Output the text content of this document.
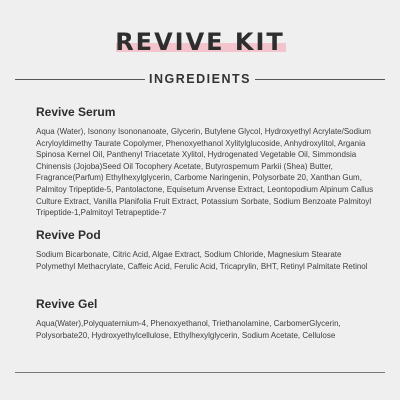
REVIVE KIT
INGREDIENTS
Revive Serum

Aqua (Water), Isonony Isononanoate, Glycerin, Butylene Glycol, Hydroxyethyl Acrylate/Sodium Acryloyldimethy Taurate Copolymer, Phenoxyethanol Xylitylglucoside, Anhydroxylitol, Argania Spinosa Kernel Oil, Panthenyl Triacetate Xylitol, Hydrogenated Vegetable Oil, Simmondsia Chinensis (Jojoba)Seed Oil Tocophery Acetate, Butyrospemum Parkii (Shea) Butter, Fragrance(Parfum) Ethylhexylglycerin, Carbome Naringenin, Polysorbate 20, Xanthan Gum, Palmitoy Tripeptide-5, Pantolactone, Equisetum Arvense Extract, Leontopodium Alpinum Callus Culture Extract, Vanilla Planifolia Fruit Extract, Potassium Sorbate, Sodium Benzoate Palmitoyl Tripeptide-1,Palmitoyl Tetrapeptide-7

Revive Pod

Sodium Bicarbonate, Citric Acid, Algae Extract, Sodium Chloride, Magnesium Stearate Polymethyl Methacrylate, Caffeic Acid, Ferulic Acid, Tricaprylin, BHT, Retinyl Palmitate Retinol

Revive Gel

Aqua(Water),Polyquaternium-4, Phenoxyethanol, Triethanolamine, CarbomerGlycerin, Polysorbate20, Hydroxyethylcellulose, Ethylhexylglycerin, Sodium Acetate, Cellulose
